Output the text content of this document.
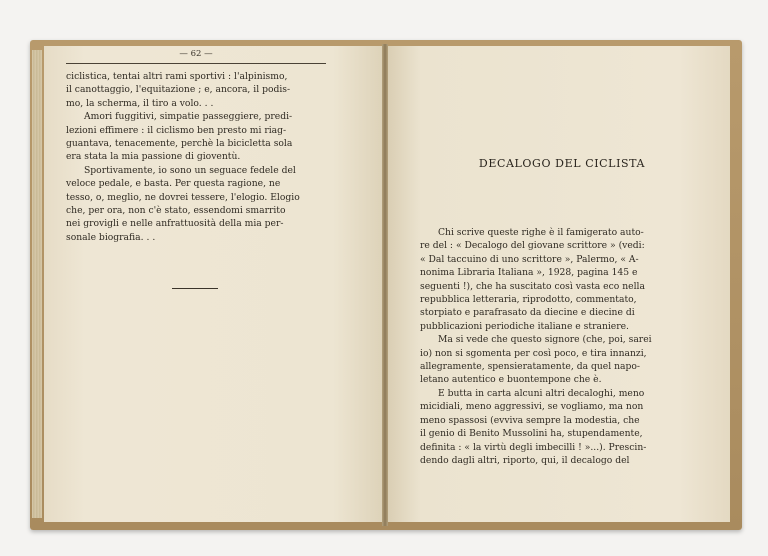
— 62 —
ciclistica, tentai altri rami sportivi : l'alpinismo,
il canottaggio, l'equitazione ; e, ancora, il podis-
mo, la scherma, il tiro a volo. . .
Amori fuggitivi, simpatie passeggiere, predi-
lezioni effimere : il ciclismo ben presto mi riag-
guantava, tenacemente, perchè la bicicletta sola
era stata la mia passione di gioventù.
Sportivamente, io sono un seguace fedele del
veloce pedale, e basta. Per questa ragione, ne
tesso, o, meglio, ne dovrei tessere, l'elogio. Elogio
che, per ora, non c'è stato, essendomi smarrito
nei grovigli e nelle anfrattuosità della mia per-
sonale biografia. . .
DECALOGO DEL CICLISTA
Chi scrive queste righe è il famigerato auto-
re del : « Decalogo del giovane scrittore » (vedi:
« Dal taccuino di uno scrittore », Palermo, « A-
nonima Libraria Italiana », 1928, pagina 145 e
seguenti !), che ha suscitato così vasta eco nella
repubblica letteraria, riprodotto, commentato,
storpiato e parafrasato da diecine e diecine di
pubblicazioni periodiche italiane e straniere.
Ma si vede che questo signore (che, poi, sarei
io) non si sgomenta per così poco, e tira innanzi,
allegramente, spensieratamente, da quel napo-
letano autentico e buontempone che è.
E butta in carta alcuni altri decaloghi, meno
micidiali, meno aggressivi, se vogliamo, ma non
meno spassosi (evviva sempre la modestia, che
il genio di Benito Mussolini ha, stupendamente,
definita : « la virtù degli imbecilli ! »...). Prescin-
dendo dagli altri, riporto, qui, il decalogo del
